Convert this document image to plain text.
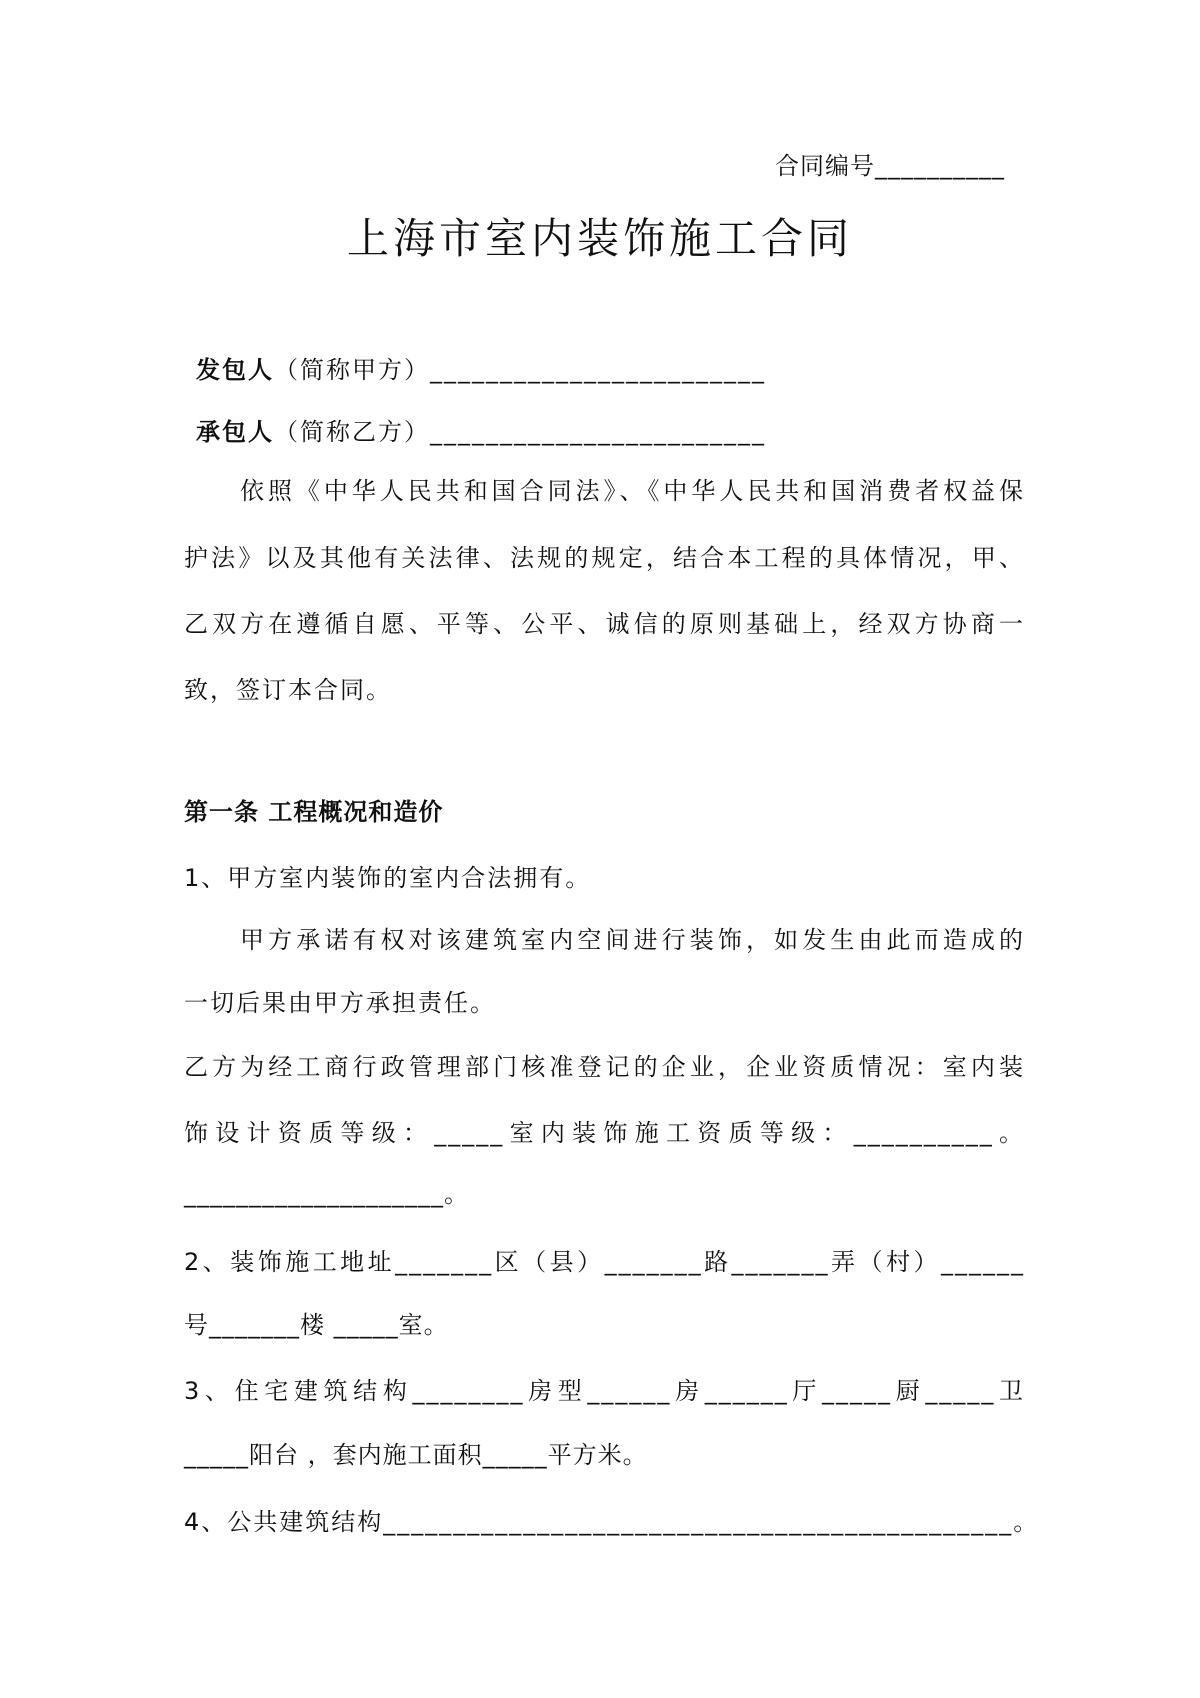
合同编号__________
上海市室内装饰施工合同
发包人（简称甲方）________________________
承包人（简称乙方）________________________
依照《中华人民共和国合同法》、《中华人民共和国消费者权益保
护法》以及其他有关法律、法规的规定，结合本工程的具体情况，甲、
乙双方在遵循自愿、平等、公平、诚信的原则基础上，经双方协商一
致，签订本合同。
第一条 工程概况和造价
1、甲方室内装饰的室内合法拥有。
甲方承诺有权对该建筑室内空间进行装饰，如发生由此而造成的
一切后果由甲方承担责任。
乙方为经工商行政管理部门核准登记的企业，企业资质情况：室内装
饰设计资质等级：_____室内装饰施工资质等级：__________。
____________________。
2、装饰施工地址_______区（县）_______路_______弄（村）______
号_______楼 _____室。
3、住宅建筑结构________房型______房______厅_____厨_____卫
_____阳台 ，套内施工面积_____平方米。
4、公共建筑结构_____________________________________________。
